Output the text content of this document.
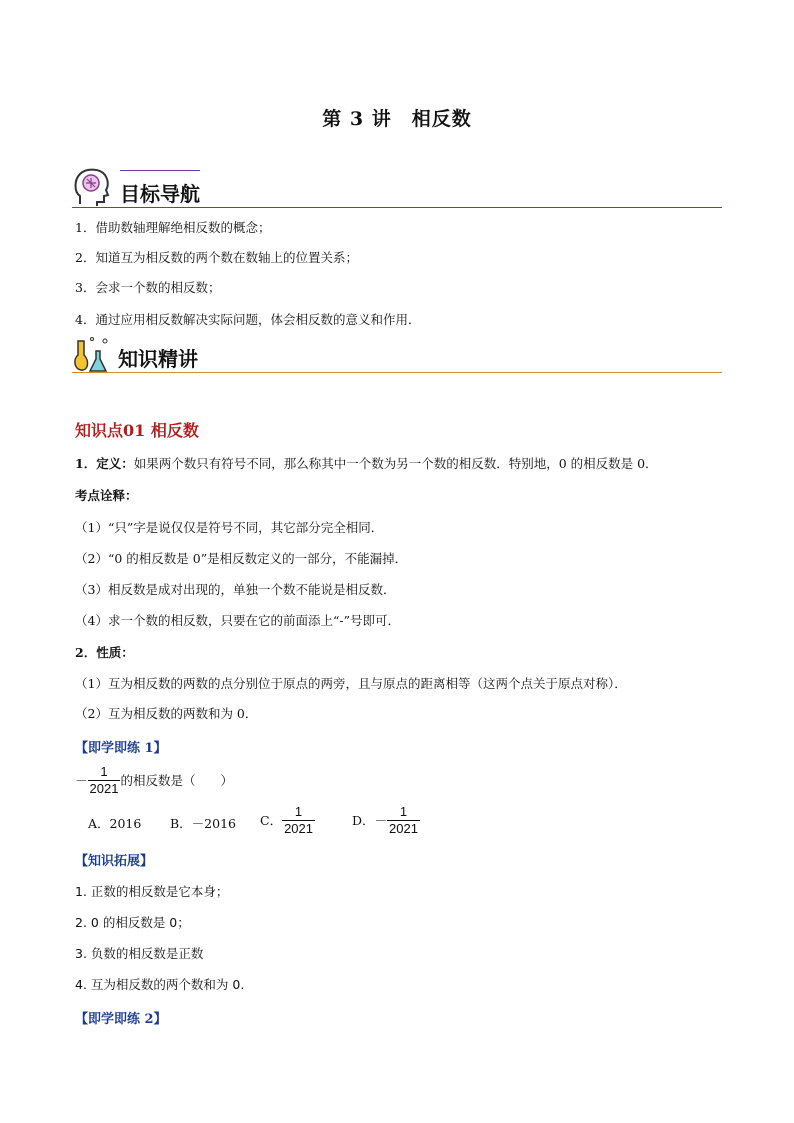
第 3 讲　相反数
目标导航
1．借助数轴理解绝相反数的概念；
2．知道互为相反数的两个数在数轴上的位置关系；
3．会求一个数的相反数；
4．通过应用相反数解决实际问题，体会相反数的意义和作用．
知识精讲
知识点01 相反数
1．定义：如果两个数只有符号不同，那么称其中一个数为另一个数的相反数．特别地，0 的相反数是 0．
考点诠释：
（1）“只”字是说仅仅是符号不同，其它部分完全相同．
（2）“0 的相反数是 0”是相反数定义的一部分，不能漏掉．
（3）相反数是成对出现的，单独一个数不能说是相反数．
（4）求一个数的相反数，只要在它的前面添上“-”号即可．
2．性质：
（1）互为相反数的两数的点分别位于原点的两旁，且与原点的距离相等（这两个点关于原点对称）．
（2）互为相反数的两数和为 0．
【即学即练 1】
－ $\frac{1}{2021}$ 的相反数是（　　）
A．2016 B．－2016 C． $\frac{1}{2021}$	D．－ $\frac{1}{2021}$
【知识拓展】
1. 正数的相反数是它本身；
2. 0 的相反数是 0；
3. 负数的相反数是正数
4. 互为相反数的两个数和为 0.
【即学即练 2】
